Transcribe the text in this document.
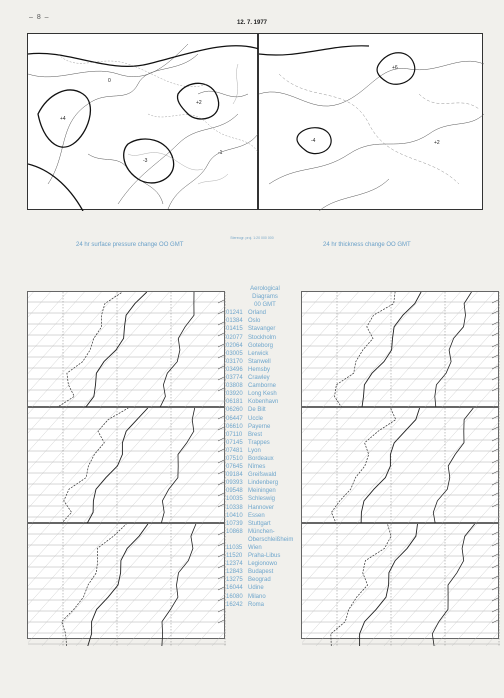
– 8 –
12. 7. 1977
+4
-3
+2
0
-1
+6
-4	+2
Stereogr. proj. 1:20 000 000
24 hr surface pressure change OO GMT	24 hr thickness change OO GMT
Aerological
Diagrams
00 GMT
01241 Orland
01384 Oslo
01415 Stavanger
02077 Stockholm
02064 Goteborg
03005 Lerwick
03170 Stanwell
03496 Hemsby
03774 Crawley
03808 Camborne
03920 Long Kesh
06181 Kobenhavn
06260 De Bilt
06447 Uccle
06610 Payerne
07110 Brest
07145 Trappes
07481 Lyon
07510 Bordeaux
07645 Nîmes
09184 Greifswald
09393 Lindenberg
09548 Meiningen
10035 Schleswig
10338 Hannover
10410 Essen
10739 Stuttgart
10868 München-
Oberschleißheim
11035 Wien
11520 Praha-Libus
12374 Legionowo
12843 Budapest
13275 Beograd
16044 Udine
16080 Milano
16242 Roma
